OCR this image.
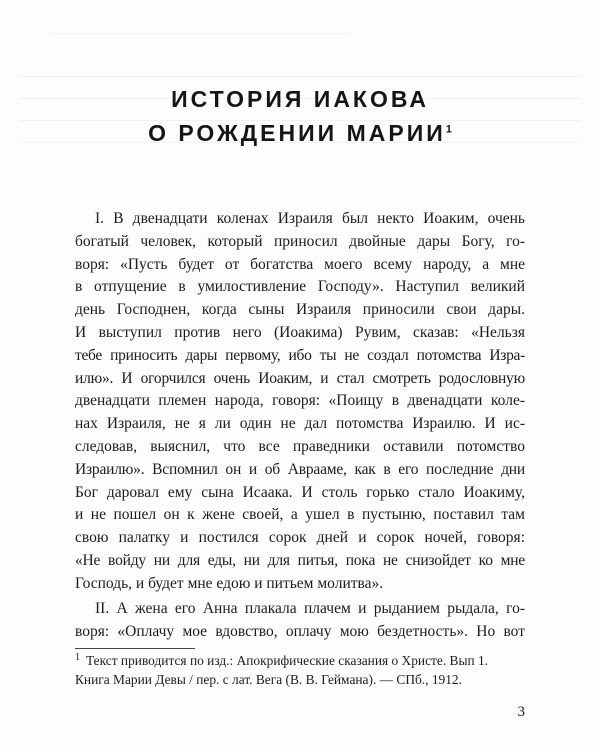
ИСТОРИЯ ИАКОВА
О РОЖДЕНИИ МАРИИ$^1$
I. В двенадцати коленах Израиля был некто Иоаким, очень
богатый человек, который приносил двойные дары Богу, го-
воря: «Пусть будет от богатства моего всему народу, а мне
в отпущение в умилостивление Господу». Наступил великий
день Господнен, когда сыны Израиля приносили свои дары.
И выступил против него (Иоакима) Рувим, сказав: «Нельзя
тебе приносить дары первому, ибо ты не создал потомства Изра-
илю». И огорчился очень Иоаким, и стал смотреть родословную
двенадцати племен народа, говоря: «Поищу в двенадцати коле-
нах Израиля, не я ли один не дал потомства Израилю. И ис-
следовав, выяснил, что все праведники оставили потомство
Израилю». Вспомнил он и об Аврааме, как в его последние дни
Бог даровал ему сына Исаака. И столь горько стало Иоакиму,
и не пошел он к жене своей, а ушел в пустыню, поставил там
свою палатку и постился сорок дней и сорок ночей, говоря:
«Не войду ни для еды, ни для питья, пока не снизойдет ко мне
Господь, и будет мне едою и питьем молитва».
II. А жена его Анна плакала плачем и рыданием рыдала, го-
воря: «Оплачу мое вдовство, оплачу мою бездетность». Но вот
$^1$ Текст приводится по изд.: Апокрифические сказания о Христе. Вып 1. Книга Марии Девы / пер. с лат. Вега (В. В. Геймана). — СПб., 1912.
3
